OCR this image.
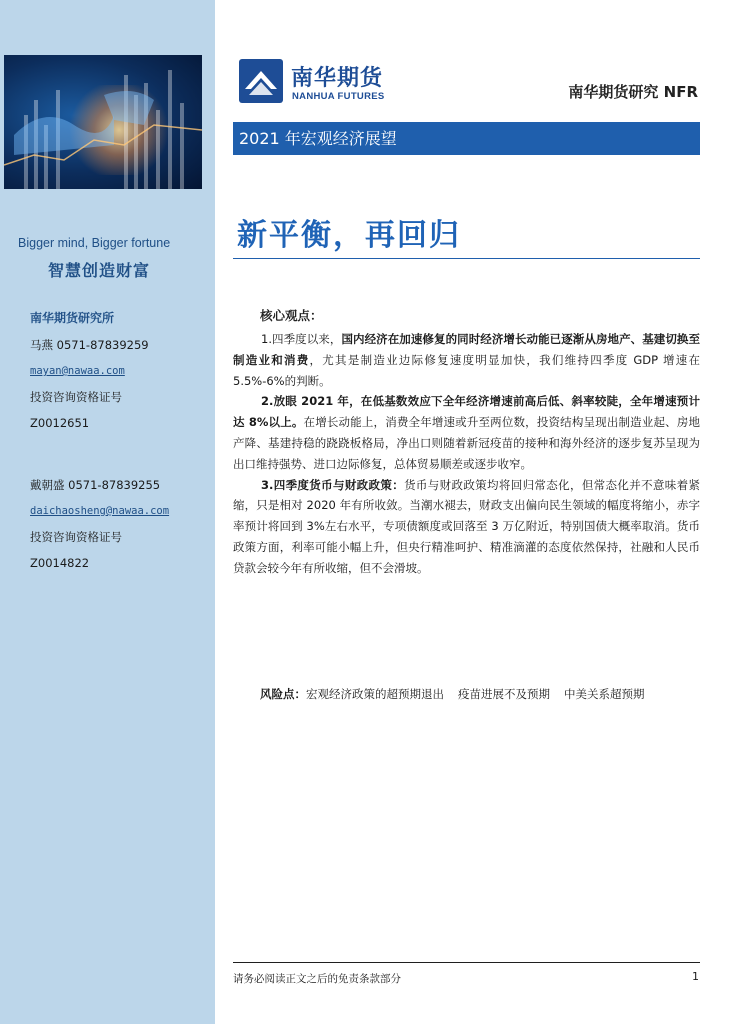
Bigger mind, Bigger fortune
智慧创造财富
南华期货研究所
马燕 0571-87839259
mayan@nawaa.com
投资咨询资格证号
Z0012651
戴朝盛 0571-87839255
daichaosheng@nawaa.com
投资咨询资格证号
Z0014822
南华期货
NANHUA FUTURES	南华期货研究 NFR
2021 年宏观经济展望
新平衡，再回归
核心观点：

1.四季度以来，国内经济在加速修复的同时经济增长动能已逐渐从房地产、基建切换至制造业和消费，尤其是制造业边际修复速度明显加快，我们维持四季度 GDP 增速在 5.5%-6%的判断。

2.放眼 2021 年，在低基数效应下全年经济增速前高后低、斜率较陡，全年增速预计达 8%以上。在增长动能上，消费全年增速或升至两位数，投资结构呈现出制造业起、房地产降、基建持稳的跷跷板格局，净出口则随着新冠疫苗的接种和海外经济的逐步复苏呈现为出口维持强势、进口边际修复，总体贸易顺差或逐步收窄。

3.四季度货币与财政政策：货币与财政政策均将回归常态化，但常态化并不意味着紧缩，只是相对 2020 年有所收敛。当潮水褪去，财政支出偏向民生领域的幅度将缩小，赤字率预计将回到 3%左右水平，专项债额度或回落至 3 万亿附近，特别国债大概率取消。货币政策方面，利率可能小幅上升，但央行精准呵护、精准滴灌的态度依然保持，社融和人民币贷款会较今年有所收缩，但不会滑坡。

风险点：宏观经济政策的超预期退出 疫苗进展不及预期 中美关系超预期
请务必阅读正文之后的免责条款部分	1
